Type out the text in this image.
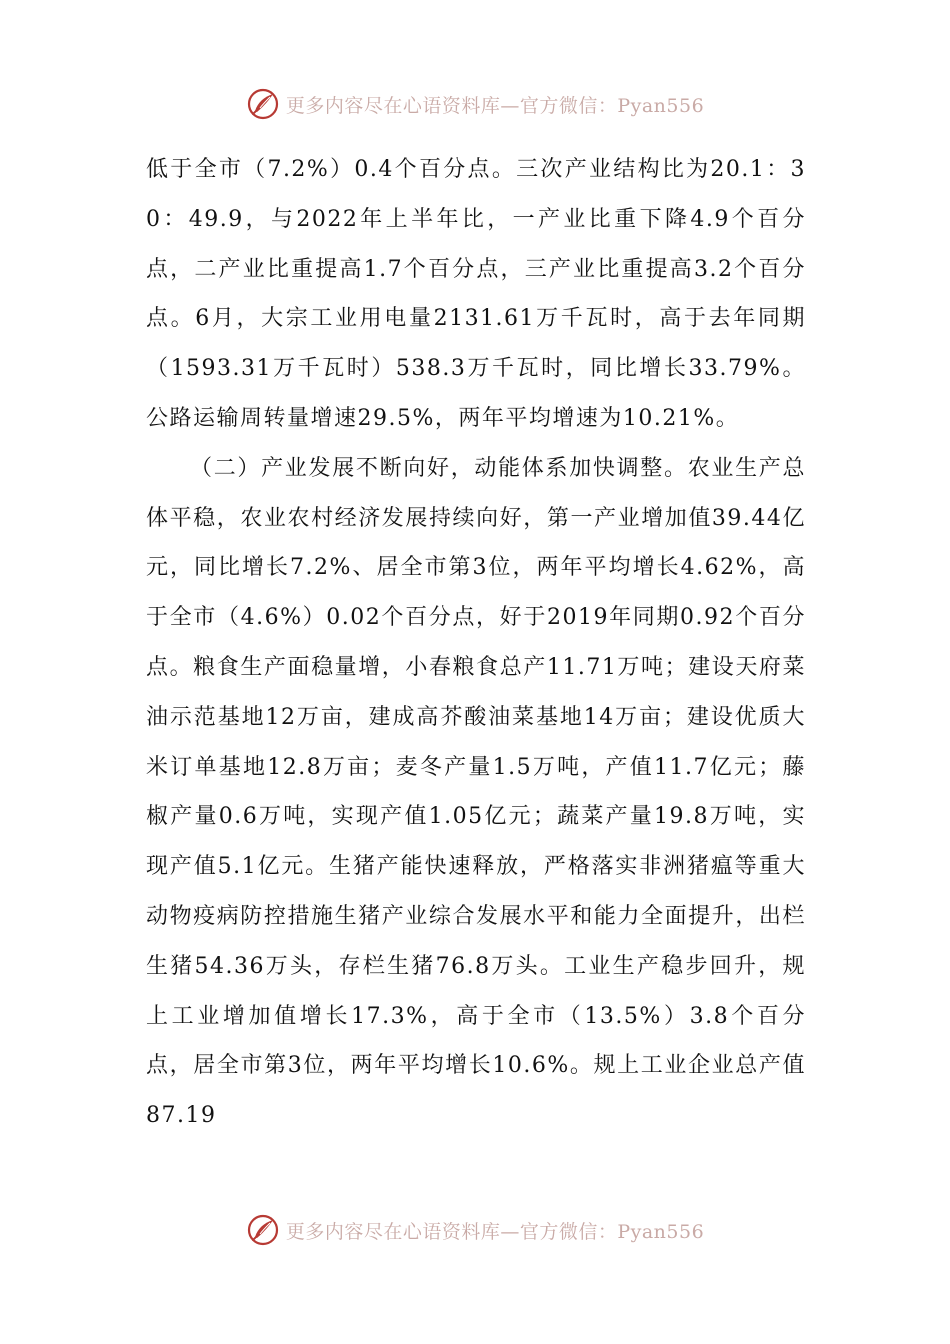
更多内容尽在心语资料库—官方微信：Pyan556

低于全市（7.2%）0.4个百分点。三次产业结构比为20.1：30：49.9，与2022年上半年比，一产业比重下降4.9个百分点，二产业比重提高1.7个百分点，三产业比重提高3.2个百分点。6月，大宗工业用电量2131.61万千瓦时，高于去年同期（1593.31万千瓦时）538.3万千瓦时，同比增长33.79%。公路运输周转量增速29.5%，两年平均增速为10.21%。

（二）产业发展不断向好，动能体系加快调整。农业生产总体平稳，农业农村经济发展持续向好，第一产业增加值39.44亿元，同比增长7.2%、居全市第3位，两年平均增长4.62%，高于全市（4.6%）0.02个百分点，好于2019年同期0.92个百分点。粮食生产面稳量增，小春粮食总产11.71万吨；建设天府菜油示范基地12万亩，建成高芥酸油菜基地14万亩；建设优质大米订单基地12.8万亩；麦冬产量1.5万吨，产值11.7亿元；藤椒产量0.6万吨，实现产值1.05亿元；蔬菜产量19.8万吨，实现产值5.1亿元。生猪产能快速释放，严格落实非洲猪瘟等重大动物疫病防控措施生猪产业综合发展水平和能力全面提升，出栏生猪54.36万头，存栏生猪76.8万头。工业生产稳步回升，规上工业增加值增长17.3%，高于全市（13.5%）3.8个百分点，居全市第3位，两年平均增长10.6%。规上工业企业总产值87.19

更多内容尽在心语资料库—官方微信：Pyan556
